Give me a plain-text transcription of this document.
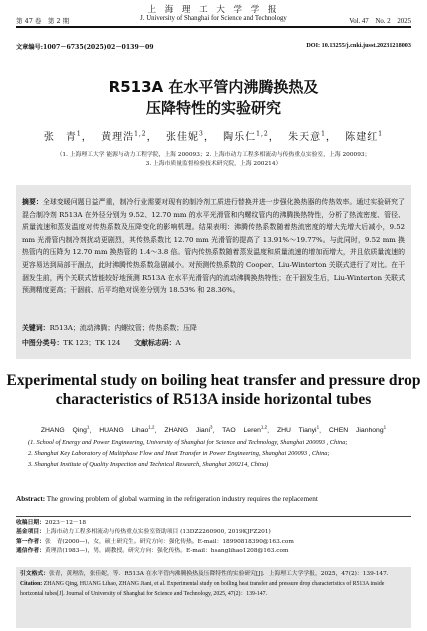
上 海 理 工 大 学 学 报
第 47 卷　第 2 期	J. University of Shanghai for Science and Technology	Vol. 47　No. 2　2025
文章编号:1007－6735(2025)02－0139－09	DOI: 10.13255/j.cnki.jusst.20231218003
R513A 在水平管内沸腾换热及
压降特性的实验研究
张　青$^1$，  黄理浩$^{1,2}$，  张佳妮$^3$，  陶乐仁$^{1,2}$，  朱天意$^1$，  陈建红$^1$
（1. 上海理工大学 能源与动力工程学院，上海 200093；2. 上海市动力工程多相流动与传热重点实验室，上海 200093；
3. 上海市质量监督检验技术研究院，上海 200214）
摘要：全球变暖问题日益严重，制冷行业需要对现有的制冷剂工质进行替换并进一步强化换热器的传热效率。通过实验研究了混合制冷剂 R513A 在外径分别为 9.52、12.70 mm 的水平光滑管和内螺纹管内的沸腾换热特性，分析了热流密度、管径、质量流速和蒸发温度对传热系数及压降变化的影响机理。结果表明：沸腾传热系数随着热流密度的增大先增大后减小，9.52 mm 光滑管内制冷剂扰动更剧烈，其传热系数比 12.70 mm 光滑管的提高了 13.91%～19.77%。与此同时，9.52 mm 换热管内的压降为 12.70 mm 换热管的 1.4～3.8 倍。管内传热系数随着蒸发温度和质量流速的增加而增大，并且依质量流速的更容易达到局部干涸点，此时沸腾传热系数急剧减小。对预测传热系数的 Cooper、Liu-Winterton 关联式进行了对比。在干涸发生前，两个关联式皆能较好地预测 R513A 在水平光滑管内的流动沸腾换热特性；在干涸发生后，Liu-Winterton 关联式预测精度更高；干涸前、后平均绝对误差分别为 18.53% 和 28.36%。
关键词：R513A；流动沸腾；内螺纹管；传热系数；压降
中图分类号：TK 123；TK 124　　 文献标志码：A
Experimental study on boiling heat transfer and pressure drop
characteristics of R513A inside horizontal tubes
ZHANG Qing$^1$, HUANG Lihao$^{1,2}$, ZHANG Jiani$^3$, TAO Leren$^{1,2}$, ZHU Tianyi$^1$, CHEN Jianhong$^1$
(1. School of Energy and Power Engineering, University of Shanghai for Science and Technology, Shanghai 200093 , China;
2. Shanghai Key Laboratory of Multiphase Flow and Heat Transfer in Power Engineering, Shanghai 200093 , China;
3. Shanghai Institute of Quality Inspection and Technical Research, Shanghai 200214, China)
Abstract: The growing problem of global warming in the refrigeration industry requires the replacement
收稿日期：2023－12－18
基金项目：上海市动力工程多相流动与传热重点实验室资助项目 (13DZ2260900, 2019KJFZ201)
第一作者：张　青(2000—)，女，硕士研究生。研究方向：强化传热。E-mail：18990818390@163.com
通信作者：黄理浩(1983—)，男，副教授。研究方向：强化传热。E-mail：hsanglihao1208@163.com
引文格式：张青，黄理浩，张佳妮，等．R513A 在水平管内沸腾换热及压降特性的实验研究[J]．上海理工大学学报，2025，47(2)：139-147.
Citation: ZHANG Qing, HUANG Lihao, ZHANG Jiani, et al. Experimental study on boiling heat transfer and pressure drop characteristics of R513A inside horizontal tubes[J]. Journal of University of Shanghai for Science and Technology, 2025, 47(2)：139-147.
